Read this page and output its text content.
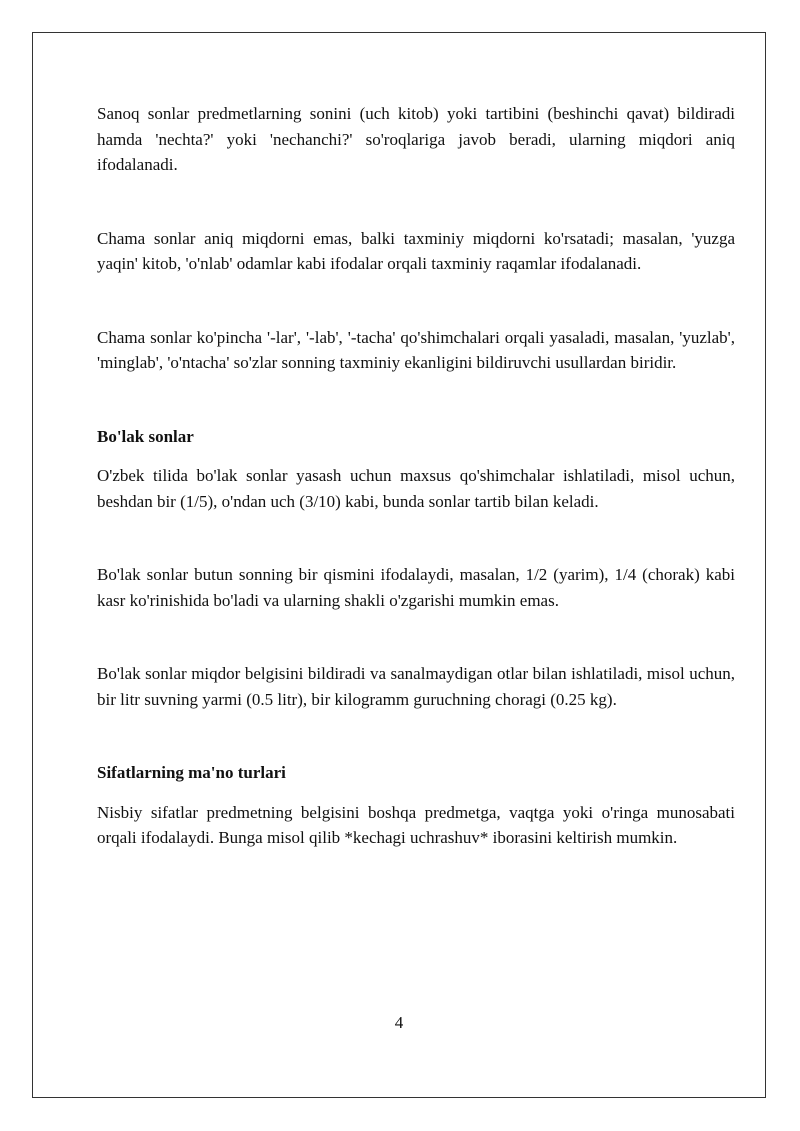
Sanoq sonlar predmetlarning sonini (uch kitob) yoki tartibini (beshinchi qavat) bildiradi hamda 'nechta?' yoki 'nechanchi?' so'roqlariga javob beradi, ularning miqdori aniq ifodalanadi.

Chama sonlar aniq miqdorni emas, balki taxminiy miqdorni ko'rsatadi; masalan, 'yuzga yaqin' kitob, 'o'nlab' odamlar kabi ifodalar orqali taxminiy raqamlar ifodalanadi.

Chama sonlar ko'pincha '-lar', '-lab', '-tacha' qo'shimchalari orqali yasaladi, masalan, 'yuzlab', 'minglab', 'o'ntacha' so'zlar sonning taxminiy ekanligini bildiruvchi usullardan biridir.

Bo'lak sonlar

O'zbek tilida bo'lak sonlar yasash uchun maxsus qo'shimchalar ishlatiladi, misol uchun, beshdan bir (1/5), o'ndan uch (3/10) kabi, bunda sonlar tartib bilan keladi.

Bo'lak sonlar butun sonning bir qismini ifodalaydi, masalan, 1/2 (yarim), 1/4 (chorak) kabi kasr ko'rinishida bo'ladi va ularning shakli o'zgarishi mumkin emas.

Bo'lak sonlar miqdor belgisini bildiradi va sanalmaydigan otlar bilan ishlatiladi, misol uchun, bir litr suvning yarmi (0.5 litr), bir kilogramm guruchning choragi (0.25 kg).

Sifatlarning ma'no turlari

Nisbiy sifatlar predmetning belgisini boshqa predmetga, vaqtga yoki o'ringa munosabati orqali ifodalaydi. Bunga misol qilib *kechagi uchrashuv* iborasini keltirish mumkin.

4
